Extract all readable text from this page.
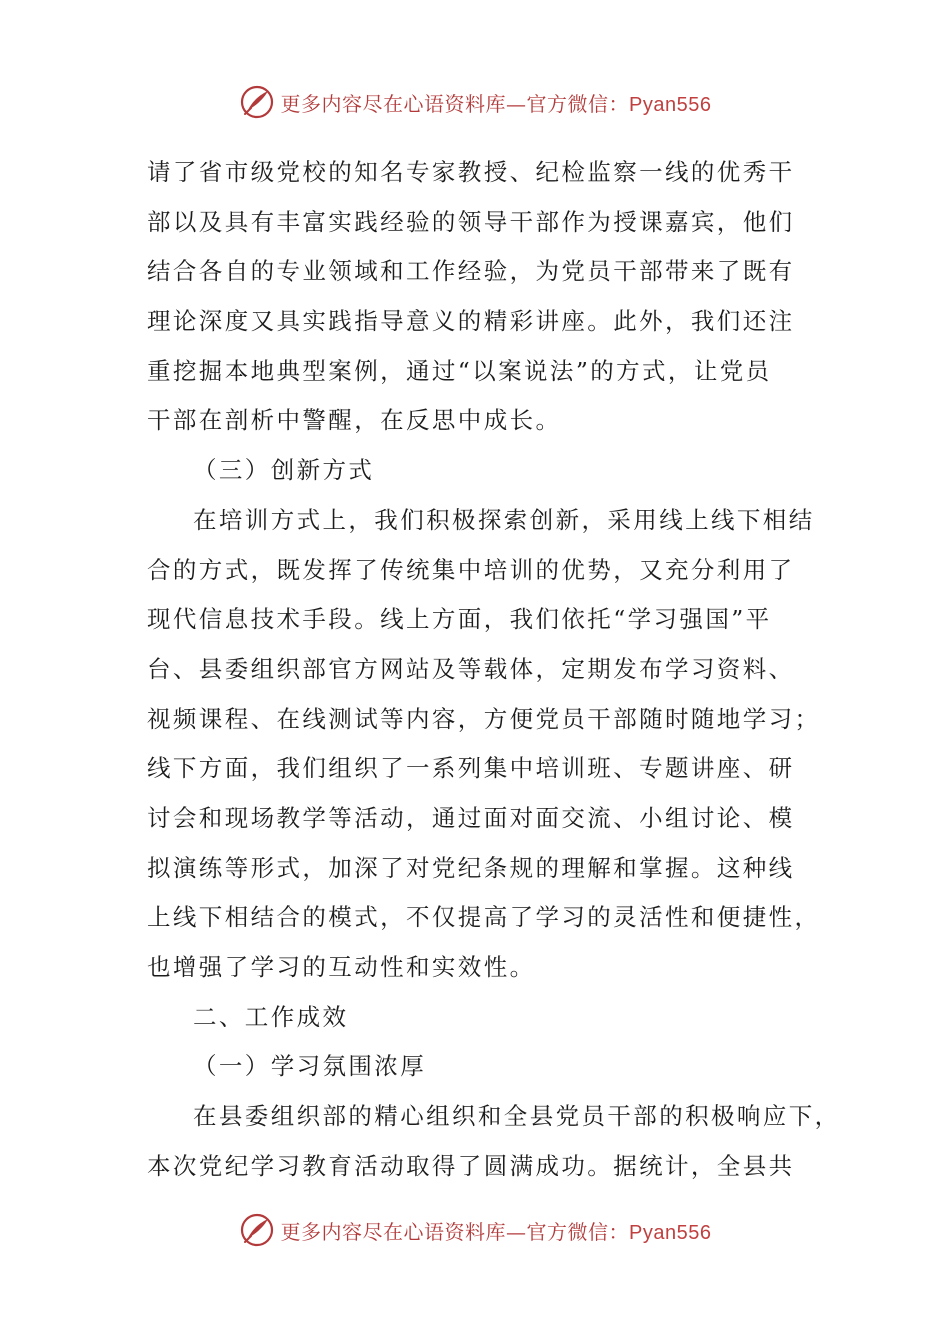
更多内容尽在心语资料库—官方微信：Pyan556
请了省市级党校的知名专家教授、纪检监察一线的优秀干
部以及具有丰富实践经验的领导干部作为授课嘉宾，他们
结合各自的专业领域和工作经验，为党员干部带来了既有
理论深度又具实践指导意义的精彩讲座。此外，我们还注
重挖掘本地典型案例，通过“以案说法”的方式，让党员
干部在剖析中警醒，在反思中成长。
（三）创新方式
在培训方式上，我们积极探索创新，采用线上线下相结
合的方式，既发挥了传统集中培训的优势，又充分利用了
现代信息技术手段。线上方面，我们依托“学习强国”平
台、县委组织部官方网站及等载体，定期发布学习资料、
视频课程、在线测试等内容，方便党员干部随时随地学习；
线下方面，我们组织了一系列集中培训班、专题讲座、研
讨会和现场教学等活动，通过面对面交流、小组讨论、模
拟演练等形式，加深了对党纪条规的理解和掌握。这种线
上线下相结合的模式，不仅提高了学习的灵活性和便捷性，
也增强了学习的互动性和实效性。
二、工作成效
（一）学习氛围浓厚
在县委组织部的精心组织和全县党员干部的积极响应下，
本次党纪学习教育活动取得了圆满成功。据统计，全县共
更多内容尽在心语资料库—官方微信：Pyan556
